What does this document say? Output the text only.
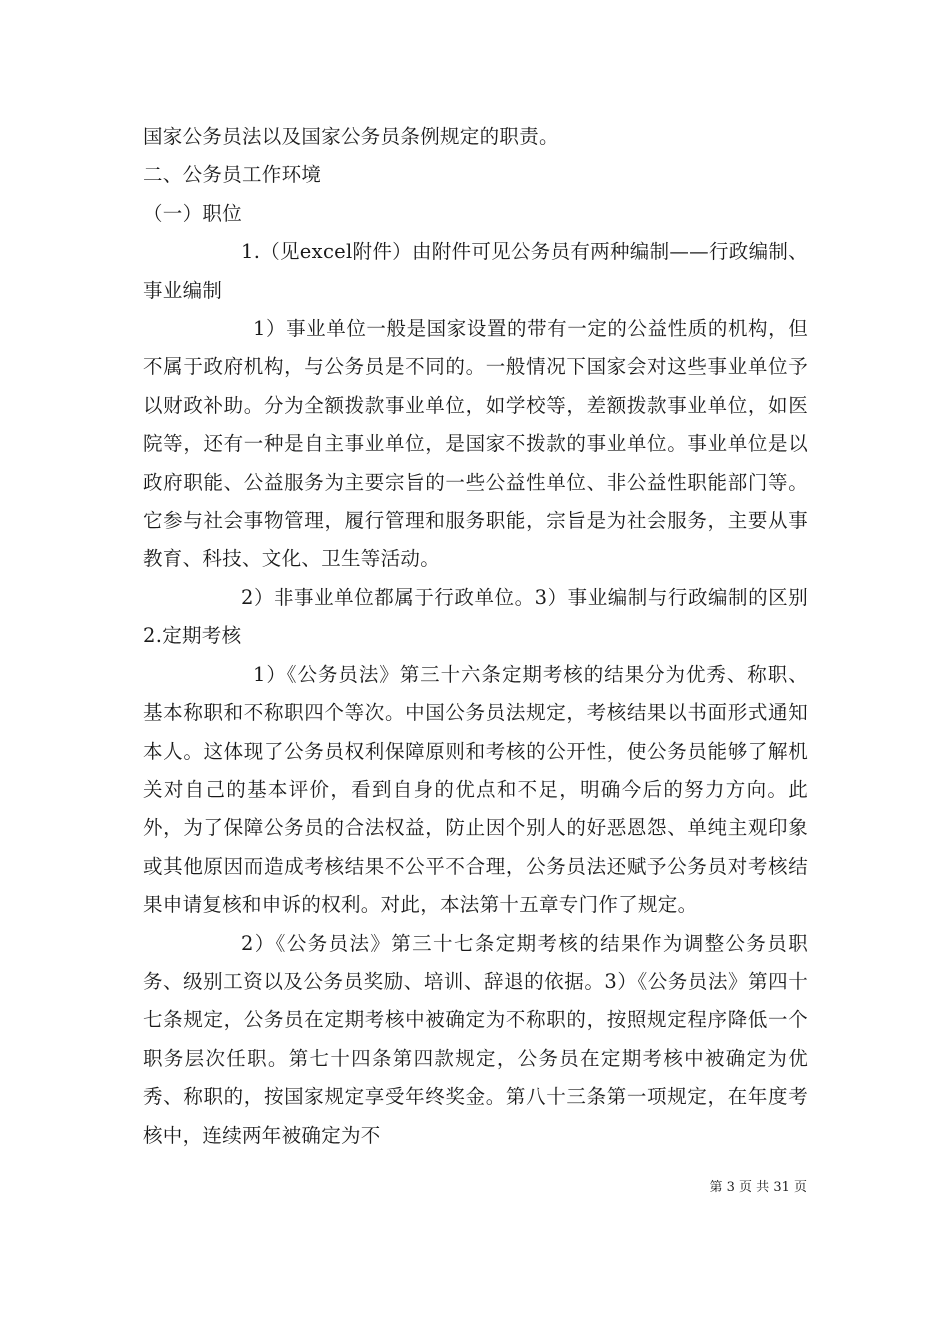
国家公务员法以及国家公务员条例规定的职责。

二、公务员工作环境

（一）职位

1.（见excel附件）由附件可见公务员有两种编制——行政编制、事业编制

1）事业单位一般是国家设置的带有一定的公益性质的机构，但不属于政府机构，与公务员是不同的。一般情况下国家会对这些事业单位予以财政补助。分为全额拨款事业单位，如学校等，差额拨款事业单位，如医院等，还有一种是自主事业单位，是国家不拨款的事业单位。事业单位是以政府职能、公益服务为主要宗旨的一些公益性单位、非公益性职能部门等。它参与社会事物管理，履行管理和服务职能，宗旨是为社会服务，主要从事教育、科技、文化、卫生等活动。

2）非事业单位都属于行政单位。3）事业编制与行政编制的区别2.定期考核

1）《公务员法》第三十六条定期考核的结果分为优秀、称职、基本称职和不称职四个等次。中国公务员法规定，考核结果以书面形式通知本人。这体现了公务员权利保障原则和考核的公开性，使公务员能够了解机关对自己的基本评价，看到自身的优点和不足，明确今后的努力方向。此外，为了保障公务员的合法权益，防止因个别人的好恶恩怨、单纯主观印象或其他原因而造成考核结果不公平不合理，公务员法还赋予公务员对考核结果申请复核和申诉的权利。对此，本法第十五章专门作了规定。

2）《公务员法》第三十七条定期考核的结果作为调整公务员职务、级别工资以及公务员奖励、培训、辞退的依据。3）《公务员法》第四十七条规定，公务员在定期考核中被确定为不称职的，按照规定程序降低一个职务层次任职。第七十四条第四款规定，公务员在定期考核中被确定为优秀、称职的，按国家规定享受年终奖金。第八十三条第一项规定，在年度考核中，连续两年被确定为不

第 3 页 共 31 页
